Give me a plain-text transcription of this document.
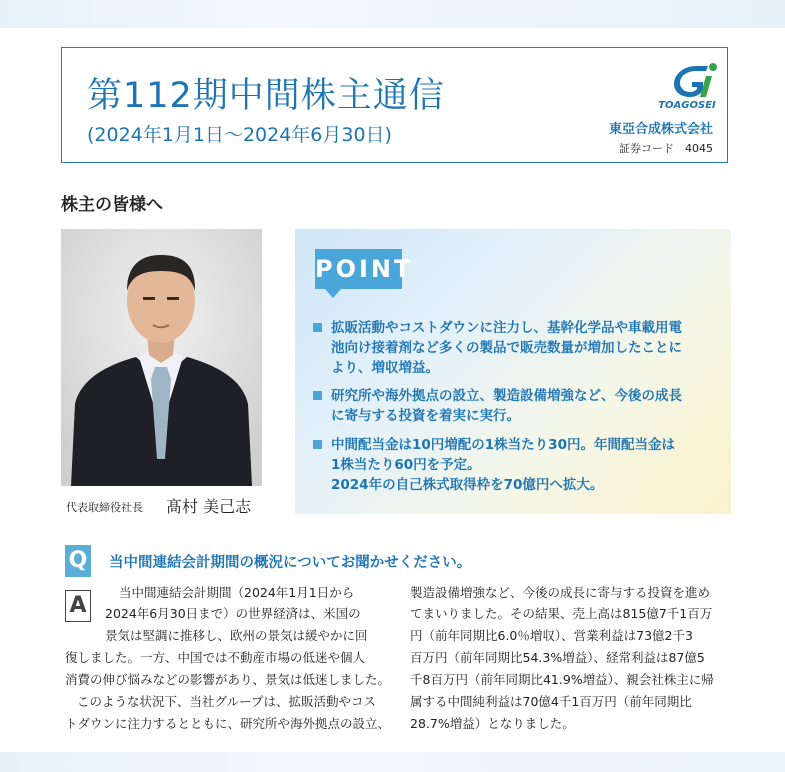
第112期中間株主通信
(2024年1月1日～2024年6月30日)
TOAGOSEI
東亞合成株式会社
証券コード　4045
株主の皆様へ
代表取締役社長 髙村 美己志
POINT
拡販活動やコストダウンに注力し、基幹化学品や車載用電
池向け接着剤など多くの製品で販売数量が増加したことに
より、増収増益。
研究所や海外拠点の設立、製造設備増強など、今後の成長
に寄与する投資を着実に実行。
中間配当金は10円増配の1株当たり30円。年間配当金は
1株当たり60円を予定。
2024年の自己株式取得枠を70億円へ拡大。
Q 当中間連結会計期間の概況についてお聞かせください。
A
当中間連結会計期間（2024年1月1日から
2024年6月30日まで）の世界経済は、米国の
景気は堅調に推移し、欧州の景気は緩やかに回
復しました。一方、中国では不動産市場の低迷や個人
消費の伸び悩みなどの影響があり、景気は低迷しました。
このような状況下、当社グループは、拡販活動やコス
トダウンに注力するとともに、研究所や海外拠点の設立、
製造設備増強など、今後の成長に寄与する投資を進め
てまいりました。その結果、売上高は815億7千1百万
円（前年同期比6.0％増収）、営業利益は73億2千3
百万円（前年同期比54.3%増益）、経常利益は87億5
千8百万円（前年同期比41.9%増益）、親会社株主に帰
属する中間純利益は70億4千1百万円（前年同期比
28.7%増益）となりました。
